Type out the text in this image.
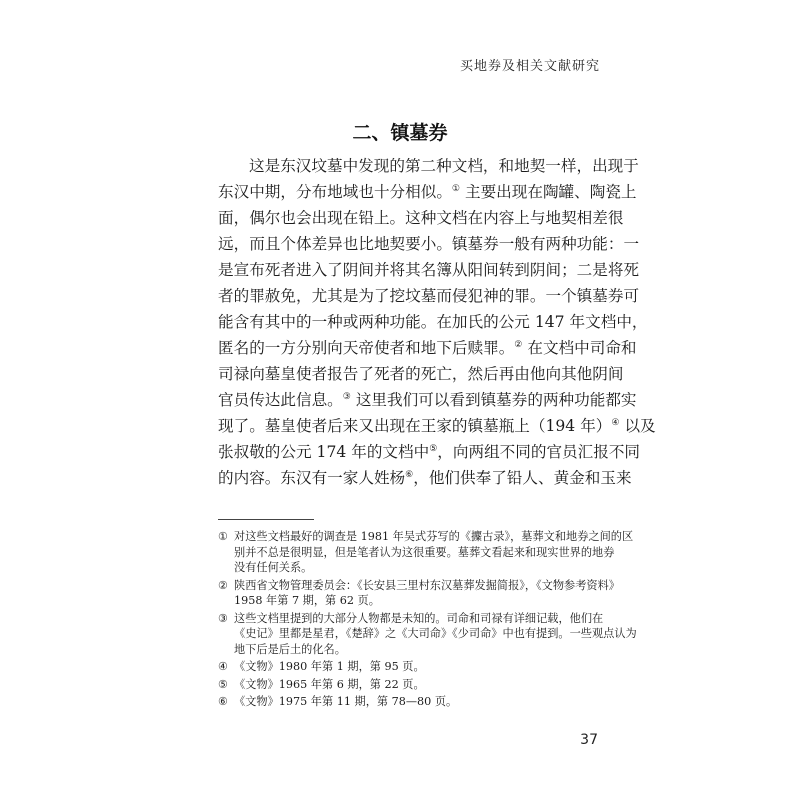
买地券及相关文献研究
二、镇墓券
这是东汉坟墓中发现的第二种文档，和地契一样，出现于
东汉中期，分布地域也十分相似。① 主要出现在陶罐、陶瓷上
面，偶尔也会出现在铅上。这种文档在内容上与地契相差很
远，而且个体差异也比地契要小。镇墓券一般有两种功能：一
是宣布死者进入了阴间并将其名簿从阳间转到阴间；二是将死
者的罪赦免，尤其是为了挖坟墓而侵犯神的罪。一个镇墓券可
能含有其中的一种或两种功能。在加氏的公元 147 年文档中，
匿名的一方分别向天帝使者和地下后赎罪。② 在文档中司命和
司禄向墓皇使者报告了死者的死亡，然后再由他向其他阴间
官员传达此信息。③ 这里我们可以看到镇墓券的两种功能都实
现了。墓皇使者后来又出现在王家的镇墓瓶上（194 年）④ 以及
张叔敬的公元 174 年的文档中⑤，向两组不同的官员汇报不同
的内容。东汉有一家人姓杨⑥，他们供奉了铅人、黄金和玉来
① 对这些文档最好的调查是 1981 年吴式芬写的《攈古录》，墓葬文和地券之间的区
别并不总是很明显，但是笔者认为这很重要。墓葬文看起来和现实世界的地券
没有任何关系。
② 陕西省文物管理委员会：《长安县三里村东汉墓葬发掘简报》，《文物参考资料》
1958 年第 7 期，第 62 页。
③ 这些文档里提到的大部分人物都是未知的。司命和司禄有详细记载，他们在
《史记》里都是星君，《楚辞》之《大司命》《少司命》中也有提到。一些观点认为
地下后是后土的化名。
④ 《文物》1980 年第 1 期，第 95 页。
⑤ 《文物》1965 年第 6 期，第 22 页。
⑥ 《文物》1975 年第 11 期，第 78—80 页。
37
